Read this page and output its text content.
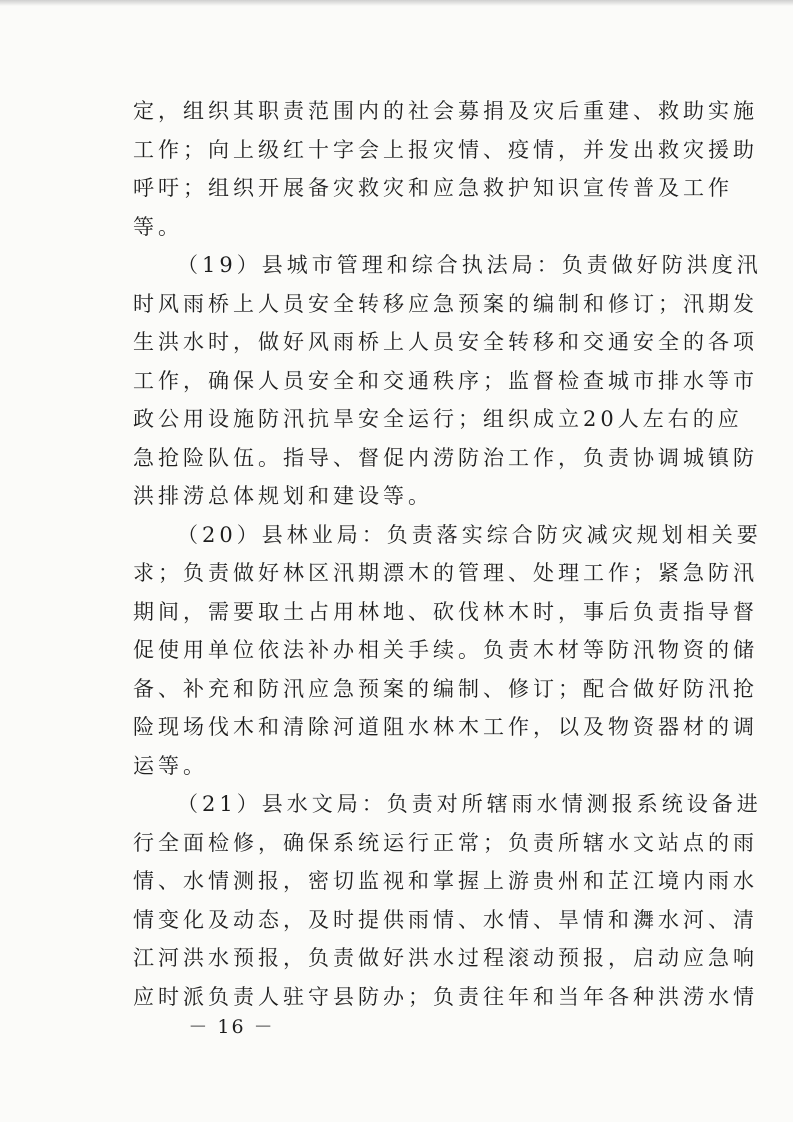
定，组织其职责范围内的社会募捐及灾后重建、救助实施
工作；向上级红十字会上报灾情、疫情，并发出救灾援助
呼吁；组织开展备灾救灾和应急救护知识宣传普及工作
等。
（19）县城市管理和综合执法局：负责做好防洪度汛
时风雨桥上人员安全转移应急预案的编制和修订；汛期发
生洪水时，做好风雨桥上人员安全转移和交通安全的各项
工作，确保人员安全和交通秩序；监督检查城市排水等市
政公用设施防汛抗旱安全运行；组织成立20人左右的应
急抢险队伍。指导、督促内涝防治工作，负责协调城镇防
洪排涝总体规划和建设等。
（20）县林业局：负责落实综合防灾减灾规划相关要
求；负责做好林区汛期漂木的管理、处理工作；紧急防汛
期间，需要取土占用林地、砍伐林木时，事后负责指导督
促使用单位依法补办相关手续。负责木材等防汛物资的储
备、补充和防汛应急预案的编制、修订；配合做好防汛抢
险现场伐木和清除河道阻水林木工作，以及物资器材的调
运等。
（21）县水文局：负责对所辖雨水情测报系统设备进
行全面检修，确保系统运行正常；负责所辖水文站点的雨
情、水情测报，密切监视和掌握上游贵州和芷江境内雨水
情变化及动态，及时提供雨情、水情、旱情和㵲水河、清
江河洪水预报，负责做好洪水过程滚动预报，启动应急响
应时派负责人驻守县防办；负责往年和当年各种洪涝水情
－ 16 －
